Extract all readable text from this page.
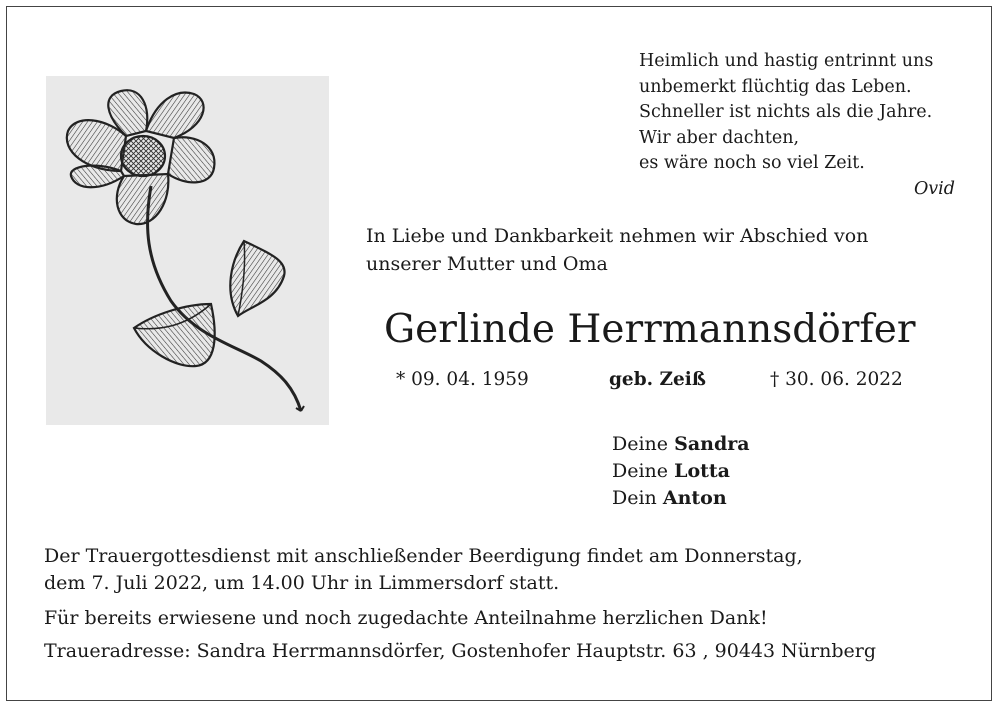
Heimlich und hastig entrinnt uns
unbemerkt flüchtig das Leben.
Schneller ist nichts als die Jahre.
Wir aber dachten,
es wäre noch so viel Zeit.
Ovid
In Liebe und Dankbarkeit nehmen wir Abschied von
unserer Mutter und Oma
Gerlinde Herrmannsdörfer
* 09. 04. 1959	geb. Zeiß	† 30. 06. 2022
Deine Sandra
Deine Lotta
Dein Anton
Der Trauergottesdienst mit anschließender Beerdigung findet am Donnerstag,
dem 7. Juli 2022, um 14.00 Uhr in Limmersdorf statt.
Für bereits erwiesene und noch zugedachte Anteilnahme herzlichen Dank!
Traueradresse: Sandra Herrmannsdörfer, Gostenhofer Hauptstr. 63 , 90443 Nürnberg
